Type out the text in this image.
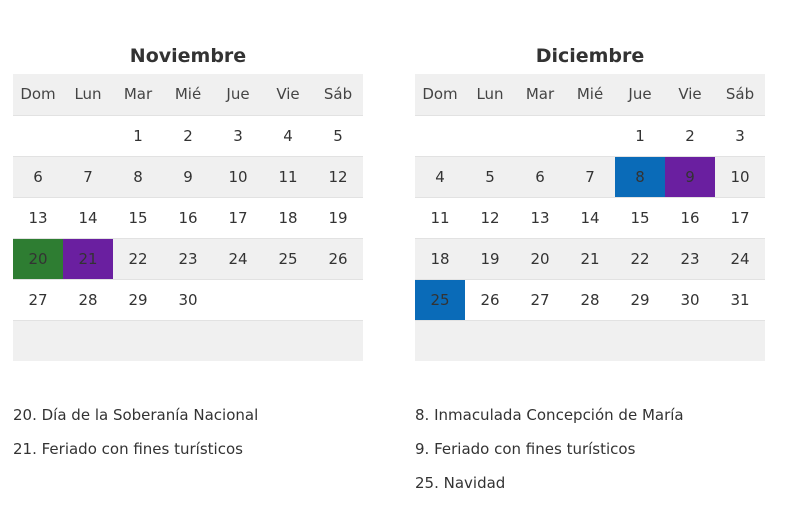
Noviembre
Dom	Lun	Mar	Mié	Jue	Vie	Sáb
		1	2	3	4	5
6	7	8	9	10	11	12
13	14	15	16	17	18	19
20	21	22	23	24	25	26
27	28	29	30			

Diciembre
Dom	Lun	Mar	Mié	Jue	Vie	Sáb
				1	2	3
4	5	6	7	8	9	10
11	12	13	14	15	16	17
18	19	20	21	22	23	24
25	26	27	28	29	30	31

20. Día de la Soberanía Nacional
21. Feriado con fines turísticos
8. Inmaculada Concepción de María
9. Feriado con fines turísticos
25. Navidad
